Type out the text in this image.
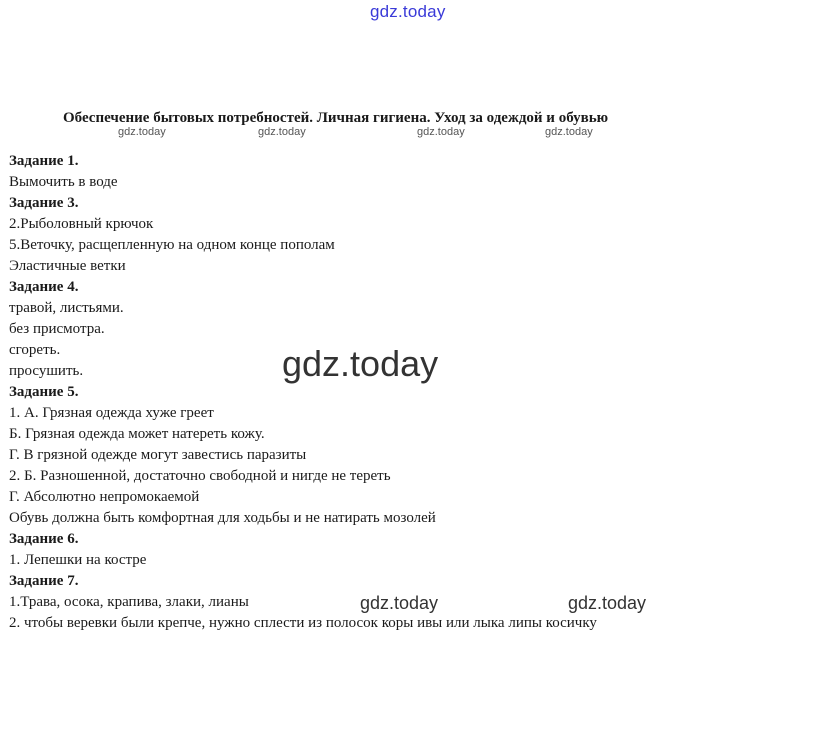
gdz.today
Обеспечение бытовых потребностей. Личная гигиена. Уход за одеждой и обувью
gdz.today	gdz.today	gdz.today	gdz.today
Задание 1.
Вымочить в воде
Задание 3.
2.Рыболовный крючок
5.Веточку, расщепленную на одном конце пополам
Эластичные ветки
Задание 4.
травой, листьями.
без присмотра.
сгореть.
просушить.
Задание 5.
1. А. Грязная одежда хуже греет
Б. Грязная одежда может натереть кожу.
Г. В грязной одежде могут завестись паразиты
2. Б. Разношенной, достаточно свободной и нигде не тереть
Г. Абсолютно непромокаемой
Обувь должна быть комфортная для ходьбы и не натирать мозолей
Задание 6.
1. Лепешки на костре
Задание 7.
1.Трава, осока, крапива, злаки, лианы
2. чтобы веревки были крепче, нужно сплести из полосок коры ивы или лыка липы косичку
gdz.today
gdz.today	gdz.today
